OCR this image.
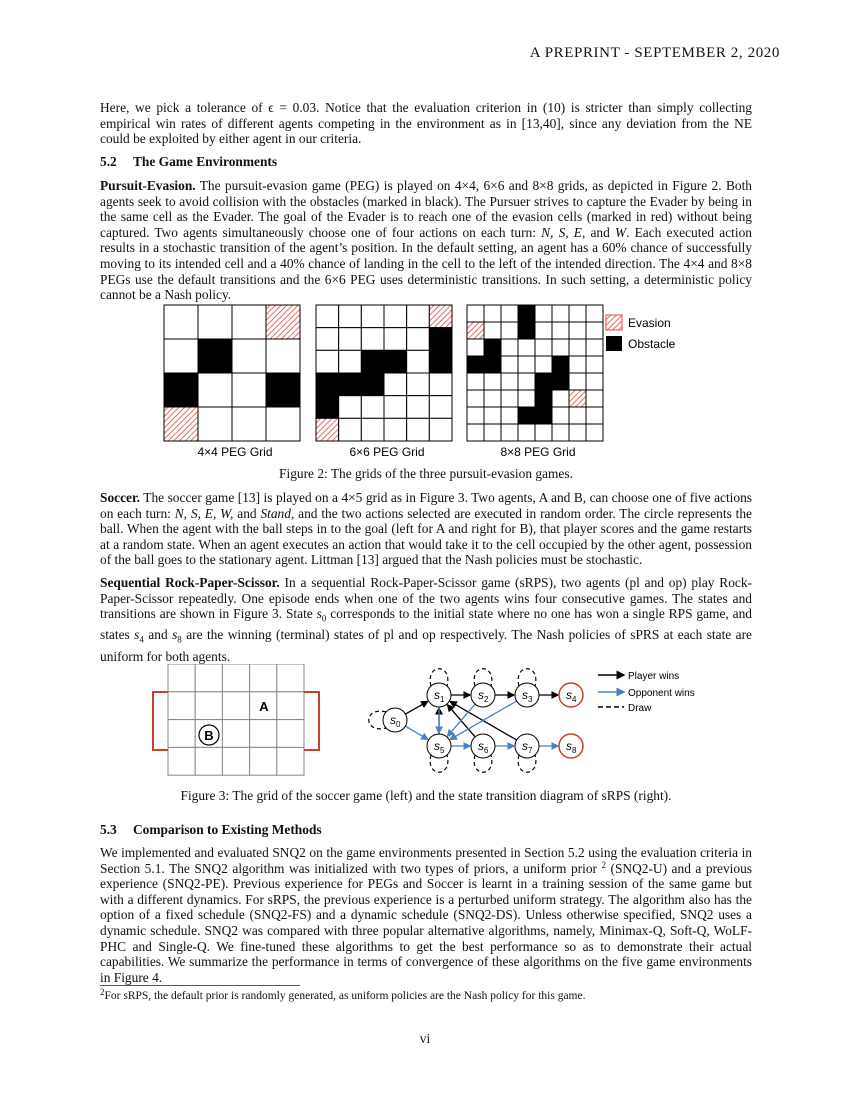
A PREPRINT - SEPTEMBER 2, 2020

Here, we pick a tolerance of ϵ = 0.03. Notice that the evaluation criterion in (10) is stricter than simply collecting empirical win rates of different agents competing in the environment as in [13,40], since any deviation from the NE could be exploited by either agent in our criteria.

5.2 The Game Environments

Pursuit-Evasion. The pursuit-evasion game (PEG) is played on 4×4, 6×6 and 8×8 grids, as depicted in Figure 2. Both agents seek to avoid collision with the obstacles (marked in black). The Pursuer strives to capture the Evader by being in the same cell as the Evader. The goal of the Evader is to reach one of the evasion cells (marked in red) without being captured. Two agents simultaneously choose one of four actions on each turn: N, S, E, and W. Each executed action results in a stochastic transition of the agent’s position. In the default setting, an agent has a 60% chance of successfully moving to its intended cell and a 40% chance of landing in the cell to the left of the intended direction. The 4×4 and 8×8 PEGs use the default transitions and the 6×6 PEG uses deterministic transitions. In such setting, a deterministic policy cannot be a Nash policy.

4×4 PEG Grid	6×6 PEG Grid	8×8 PEG Grid
Evasion
Obstacle
Figure 2: The grids of the three pursuit-evasion games.

Soccer. The soccer game [13] is played on a 4×5 grid as in Figure 3. Two agents, A and B, can choose one of five actions on each turn: N, S, E, W, and Stand, and the two actions selected are executed in random order. The circle represents the ball. When the agent with the ball steps in to the goal (left for A and right for B), that player scores and the game restarts at a random state. When an agent executes an action that would take it to the cell occupied by the other agent, possession of the ball goes to the stationary agent. Littman [13] argued that the Nash policies must be stochastic.

Sequential Rock-Paper-Scissor. In a sequential Rock-Paper-Scissor game (sRPS), two agents (pl and op) play Rock-Paper-Scissor repeatedly. One episode ends when one of the two agents wins four consecutive games. The states and transitions are shown in Figure 3. State $s_0$ corresponds to the initial state where no one has won a single RPS game, and states $s_4$ and $s_8$ are the winning (terminal) states of pl and op respectively. The Nash policies of sPRS at each state are uniform for both agents.

A
B
$s_0$
$s_1$	$s_2$	$s_3$	$s_4$
$s_5$	$s_6$	$s_7$	$s_8$
Player wins
Opponent wins
Draw
Figure 3: The grid of the soccer game (left) and the state transition diagram of sRPS (right).
5.3 Comparison to Existing Methods

We implemented and evaluated SNQ2 on the game environments presented in Section 5.2 using the evaluation criteria in Section 5.1. The SNQ2 algorithm was initialized with two types of priors, a uniform prior $^2$ (SNQ2-U) and a previous experience (SNQ2-PE). Previous experience for PEGs and Soccer is learnt in a training session of the same game but with a different dynamics. For sRPS, the previous experience is a perturbed uniform strategy. The algorithm also has the option of a fixed schedule (SNQ2-FS) and a dynamic schedule (SNQ2-DS). Unless otherwise specified, SNQ2 uses a dynamic schedule. SNQ2 was compared with three popular alternative algorithms, namely, Minimax-Q, Soft-Q, WoLF-PHC and Single-Q. We fine-tuned these algorithms to get the best performance so as to demonstrate their actual capabilities. We summarize the performance in terms of convergence of these algorithms on the five game environments in Figure 4.

$^2$For sRPS, the default prior is randomly generated, as uniform policies are the Nash policy for this game.
vi
